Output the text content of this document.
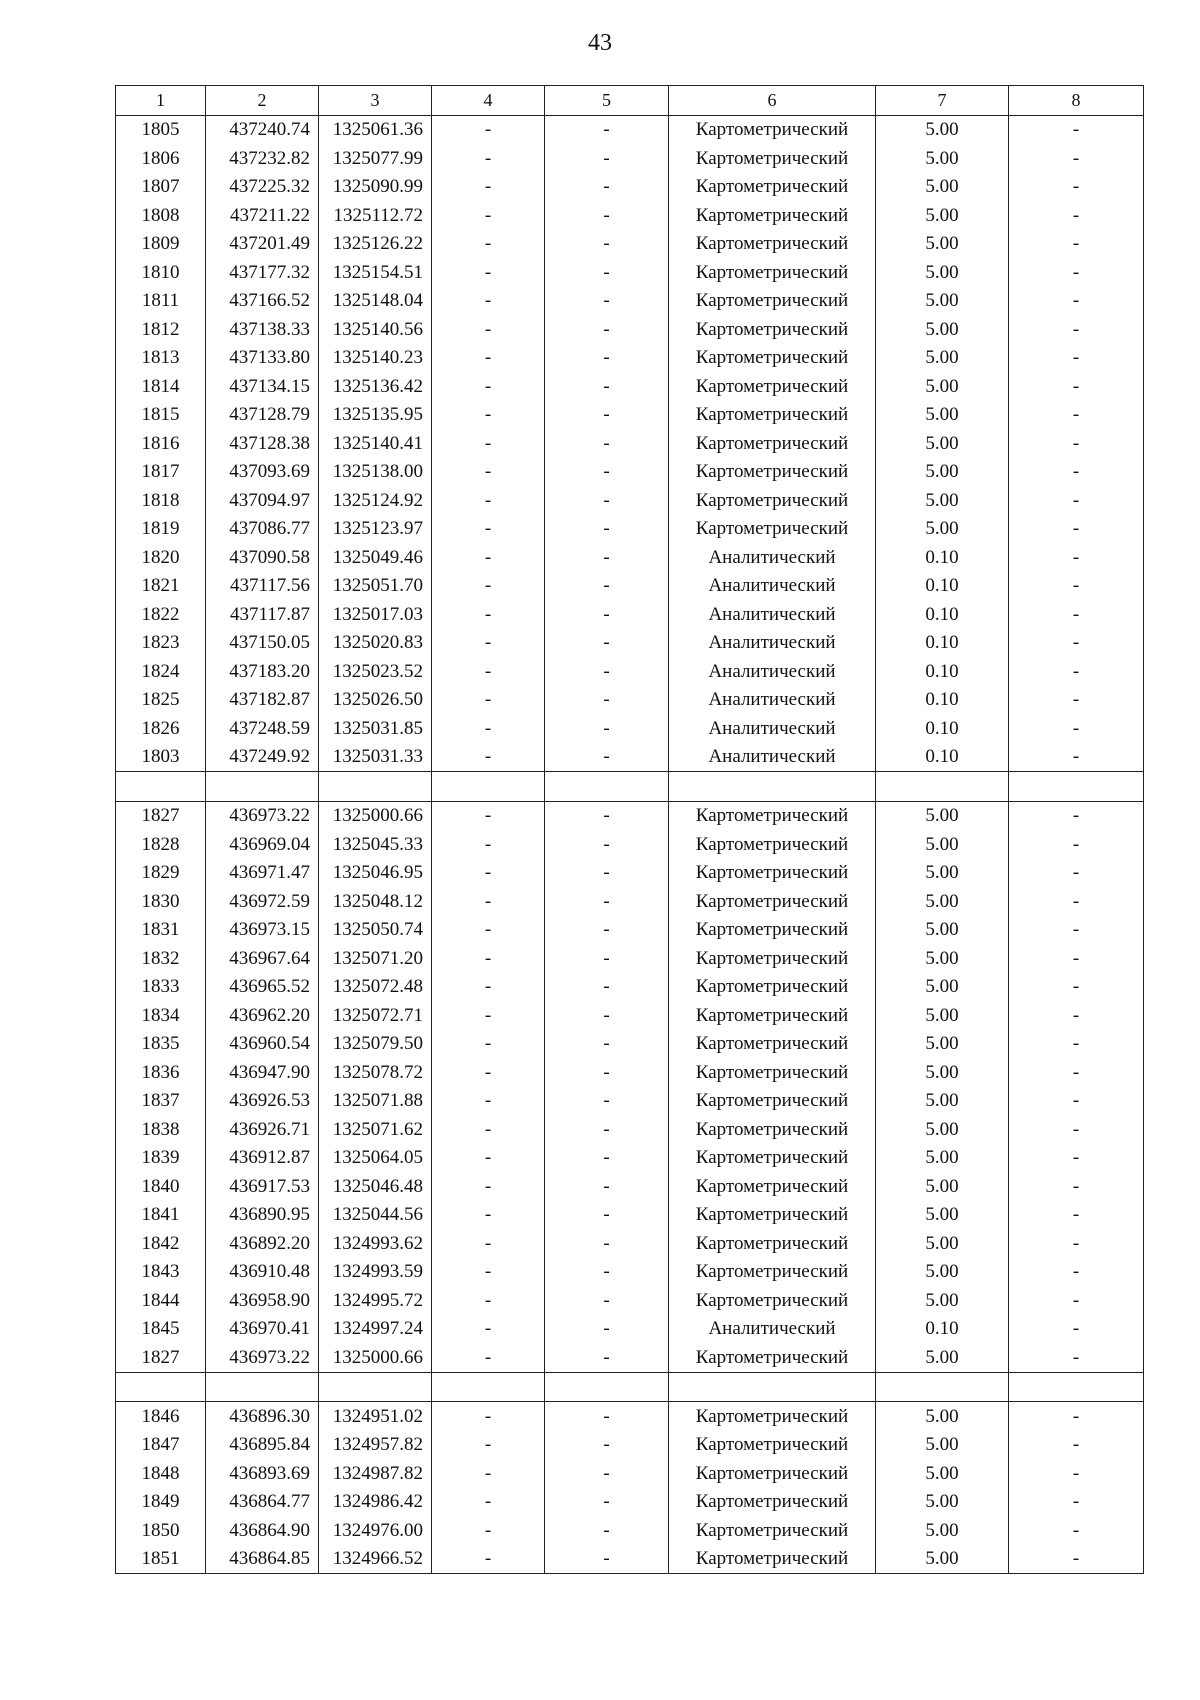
43
1	2	3	4	5	6	7	8
1805	437240.74	1325061.36	-	-	Картометрический	5.00	-
1806	437232.82	1325077.99	-	-	Картометрический	5.00	-
1807	437225.32	1325090.99	-	-	Картометрический	5.00	-
1808	437211.22	1325112.72	-	-	Картометрический	5.00	-
1809	437201.49	1325126.22	-	-	Картометрический	5.00	-
1810	437177.32	1325154.51	-	-	Картометрический	5.00	-
1811	437166.52	1325148.04	-	-	Картометрический	5.00	-
1812	437138.33	1325140.56	-	-	Картометрический	5.00	-
1813	437133.80	1325140.23	-	-	Картометрический	5.00	-
1814	437134.15	1325136.42	-	-	Картометрический	5.00	-
1815	437128.79	1325135.95	-	-	Картометрический	5.00	-
1816	437128.38	1325140.41	-	-	Картометрический	5.00	-
1817	437093.69	1325138.00	-	-	Картометрический	5.00	-
1818	437094.97	1325124.92	-	-	Картометрический	5.00	-
1819	437086.77	1325123.97	-	-	Картометрический	5.00	-
1820	437090.58	1325049.46	-	-	Аналитический	0.10	-
1821	437117.56	1325051.70	-	-	Аналитический	0.10	-
1822	437117.87	1325017.03	-	-	Аналитический	0.10	-
1823	437150.05	1325020.83	-	-	Аналитический	0.10	-
1824	437183.20	1325023.52	-	-	Аналитический	0.10	-
1825	437182.87	1325026.50	-	-	Аналитический	0.10	-
1826	437248.59	1325031.85	-	-	Аналитический	0.10	-
1803	437249.92	1325031.33	-	-	Аналитический	0.10	-

1827	436973.22	1325000.66	-	-	Картометрический	5.00	-
1828	436969.04	1325045.33	-	-	Картометрический	5.00	-
1829	436971.47	1325046.95	-	-	Картометрический	5.00	-
1830	436972.59	1325048.12	-	-	Картометрический	5.00	-
1831	436973.15	1325050.74	-	-	Картометрический	5.00	-
1832	436967.64	1325071.20	-	-	Картометрический	5.00	-
1833	436965.52	1325072.48	-	-	Картометрический	5.00	-
1834	436962.20	1325072.71	-	-	Картометрический	5.00	-
1835	436960.54	1325079.50	-	-	Картометрический	5.00	-
1836	436947.90	1325078.72	-	-	Картометрический	5.00	-
1837	436926.53	1325071.88	-	-	Картометрический	5.00	-
1838	436926.71	1325071.62	-	-	Картометрический	5.00	-
1839	436912.87	1325064.05	-	-	Картометрический	5.00	-
1840	436917.53	1325046.48	-	-	Картометрический	5.00	-
1841	436890.95	1325044.56	-	-	Картометрический	5.00	-
1842	436892.20	1324993.62	-	-	Картометрический	5.00	-
1843	436910.48	1324993.59	-	-	Картометрический	5.00	-
1844	436958.90	1324995.72	-	-	Картометрический	5.00	-
1845	436970.41	1324997.24	-	-	Аналитический	0.10	-
1827	436973.22	1325000.66	-	-	Картометрический	5.00	-

1846	436896.30	1324951.02	-	-	Картометрический	5.00	-
1847	436895.84	1324957.82	-	-	Картометрический	5.00	-
1848	436893.69	1324987.82	-	-	Картометрический	5.00	-
1849	436864.77	1324986.42	-	-	Картометрический	5.00	-
1850	436864.90	1324976.00	-	-	Картометрический	5.00	-
1851	436864.85	1324966.52	-	-	Картометрический	5.00	-
